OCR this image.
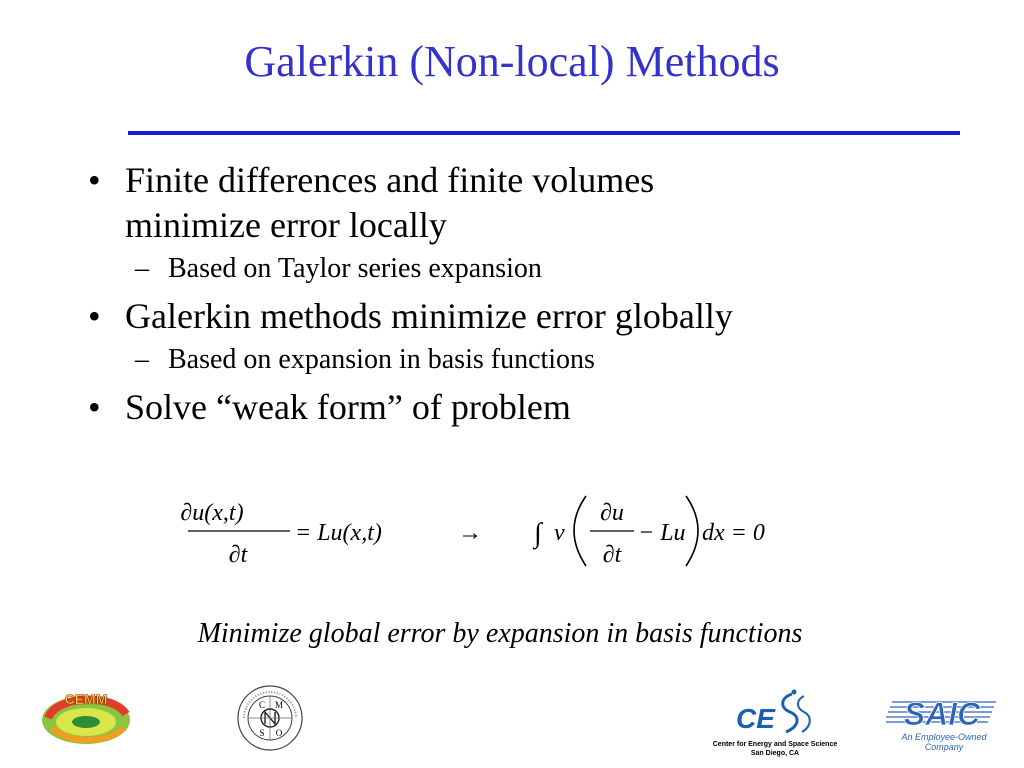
Galerkin (Non-local) Methods
• Finite differences and finite volumes
minimize error locally
– Based on Taylor series expansion
• Galerkin methods minimize error globally
– Based on expansion in basis functions
• Solve “weak form” of problem
∂u(x,t)
∂t
= Lu(x,t)	→ ∫ v
∂u
∂t
− Lu dx = 0
Minimize global error by expansion in basis functions
CEMM	C M
S O	CE
Center for Energy and Space Science
San Diego, CA
SAIC
An Employee-Owned Company
